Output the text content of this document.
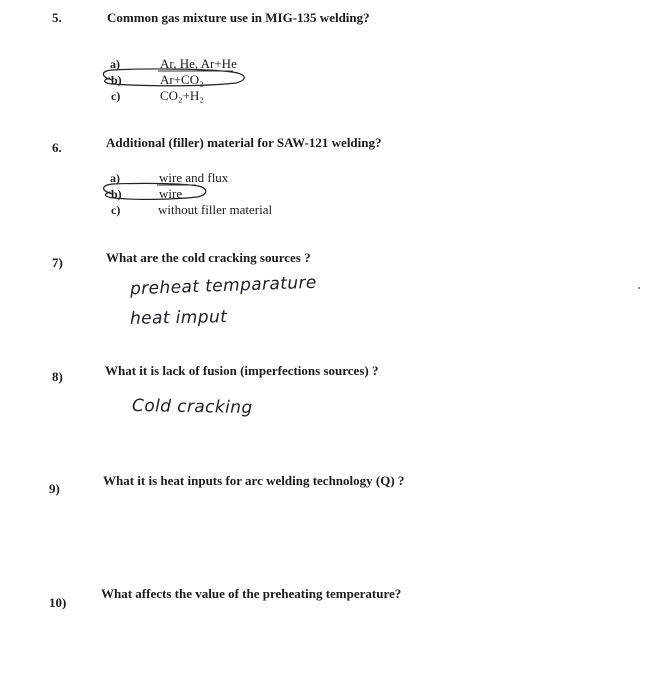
5.	Common gas mixture use in MIG-135 welding?
a)	Ar, He, Ar+He
b)	Ar+CO₂
c)	CO₂+H₂
6.	Additional (filler) material for SAW-121 welding?
a)	wire and flux
b)	wire
c)	without filler material
7)	What are the cold cracking sources ?
preheat temparature
heat imput
8)	What it is lack of fusion (imperfections sources) ?
Cold cracking
9)
What it is heat inputs for arc welding technology (Q) ?
10)
What affects the value of the preheating temperature?
